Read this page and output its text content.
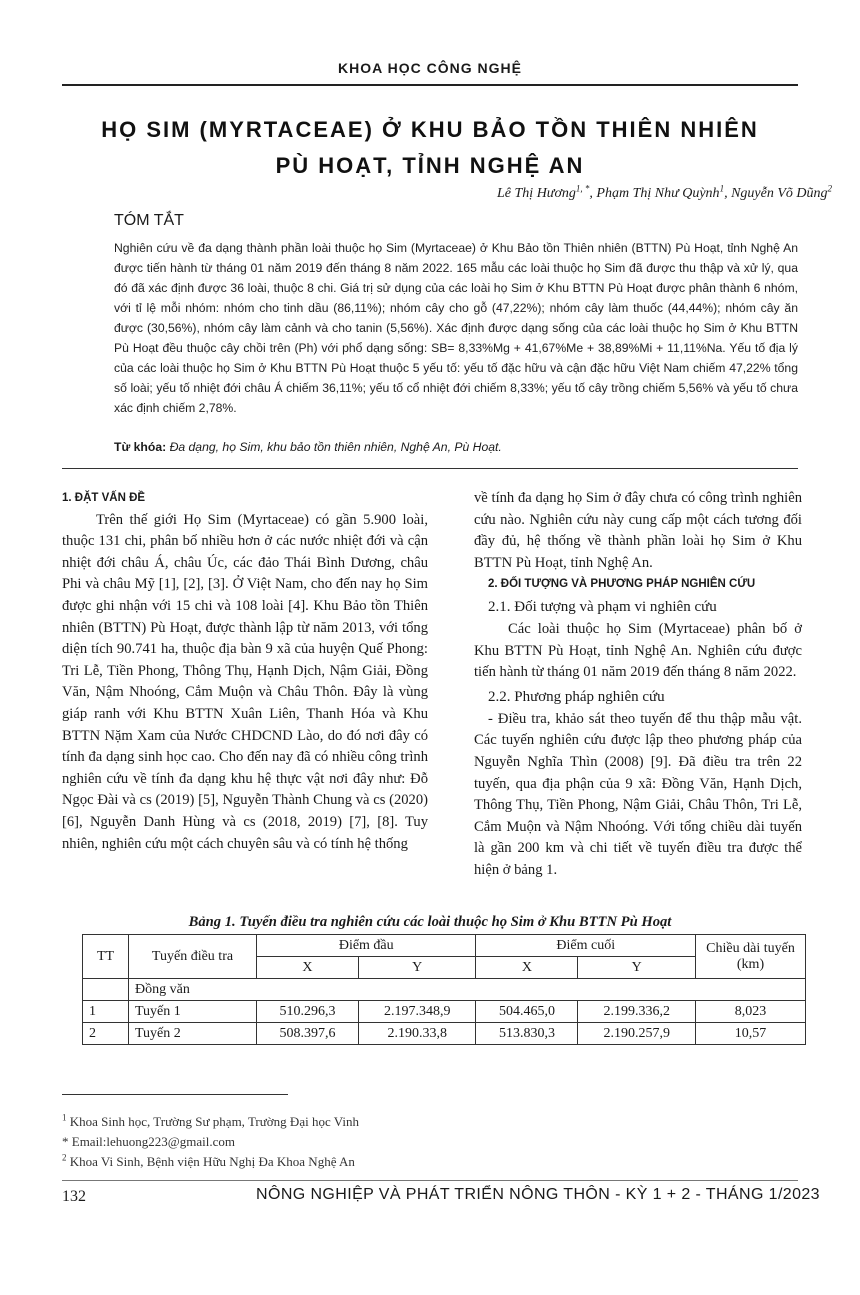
KHOA HỌC CÔNG NGHỆ
HỌ SIM (MYRTACEAE) Ở KHU BẢO TỒN THIÊN NHIÊN
PÙ HOẠT, TỈNH NGHỆ AN
Lê Thị Hương$^{1, *}$, Phạm Thị Như Quỳnh$^1$, Nguyễn Võ Dũng$^2$
TÓM TẮT
Nghiên cứu về đa dạng thành phần loài thuộc họ Sim (Myrtaceae) ở Khu Bảo tồn Thiên nhiên (BTTN) Pù Hoạt, tỉnh Nghệ An được tiến hành từ tháng 01 năm 2019 đến tháng 8 năm 2022. 165 mẫu các loài thuộc họ Sim đã được thu thập và xử lý, qua đó đã xác định được 36 loài, thuộc 8 chi. Giá trị sử dụng của các loài họ Sim ở Khu BTTN Pù Hoạt được phân thành 6 nhóm, với tỉ lệ mỗi nhóm: nhóm cho tinh dầu (86,11%); nhóm cây cho gỗ (47,22%); nhóm cây làm thuốc (44,44%); nhóm cây ăn được (30,56%), nhóm cây làm cảnh và cho tanin (5,56%). Xác định được dạng sống của các loài thuộc họ Sim ở Khu BTTN Pù Hoạt đều thuộc cây chồi trên (Ph) với phổ dạng sống: SB= 8,33%Mg + 41,67%Me + 38,89%Mi + 11,11%Na. Yếu tố địa lý của các loài thuộc họ Sim ở Khu BTTN Pù Hoạt thuộc 5 yếu tố: yếu tố đặc hữu và cận đặc hữu Việt Nam chiếm 47,22% tổng số loài; yếu tố nhiệt đới châu Á chiếm 36,11%; yếu tố cổ nhiệt đới chiếm 8,33%; yếu tố cây trồng chiếm 5,56% và yếu tố chưa xác định chiếm 2,78%.
Từ khóa: Đa dạng, họ Sim, khu bảo tồn thiên nhiên, Nghệ An, Pù Hoạt.
1. ĐẶT VẤN ĐỀ
Trên thế giới Họ Sim (Myrtaceae) có gần 5.900 loài, thuộc 131 chi, phân bố nhiều hơn ở các nước nhiệt đới và cận nhiệt đới châu Á, châu Úc, các đảo Thái Bình Dương, châu Phi và châu Mỹ [1], [2], [3]. Ở Việt Nam, cho đến nay họ Sim được ghi nhận với 15 chi và 108 loài [4]. Khu Bảo tồn Thiên nhiên (BTTN) Pù Hoạt, được thành lập từ năm 2013, với tổng diện tích 90.741 ha, thuộc địa bàn 9 xã của huyện Quế Phong: Tri Lễ, Tiền Phong, Thông Thụ, Hạnh Dịch, Nậm Giải, Đồng Văn, Nậm Nhoóng, Cắm Muộn và Châu Thôn. Đây là vùng giáp ranh với Khu BTTN Xuân Liên, Thanh Hóa và Khu BTTN Nặm Xam của Nước CHDCND Lào, do đó nơi đây có tính đa dạng sinh học cao. Cho đến nay đã có nhiều công trình nghiên cứu về tính đa dạng khu hệ thực vật nơi đây như: Đỗ Ngọc Đài và cs (2019) [5], Nguyễn Thành Chung và cs (2020) [6], Nguyễn Danh Hùng và cs (2018, 2019) [7], [8]. Tuy nhiên, nghiên cứu một cách chuyên sâu và có tính hệ thống
về tính đa dạng họ Sim ở đây chưa có công trình nghiên cứu nào. Nghiên cứu này cung cấp một cách tương đối đầy đủ, hệ thống về thành phần loài họ Sim ở Khu BTTN Pù Hoạt, tỉnh Nghệ An.
2. ĐỐI TƯỢNG VÀ PHƯƠNG PHÁP NGHIÊN CỨU
2.1. Đối tượng và phạm vi nghiên cứu
Các loài thuộc họ Sim (Myrtaceae) phân bố ở Khu BTTN Pù Hoạt, tỉnh Nghệ An. Nghiên cứu được tiến hành từ tháng 01 năm 2019 đến tháng 8 năm 2022.
2.2. Phương pháp nghiên cứu
- Điều tra, khảo sát theo tuyến để thu thập mẫu vật. Các tuyến nghiên cứu được lập theo phương pháp của Nguyễn Nghĩa Thìn (2008) [9]. Đã điều tra trên 22 tuyến, qua địa phận của 9 xã: Đồng Văn, Hạnh Dịch, Thông Thụ, Tiền Phong, Nậm Giải, Châu Thôn, Tri Lễ, Cắm Muộn và Nậm Nhoóng. Với tổng chiều dài tuyến là gần 200 km và chi tiết về tuyến điều tra được thể hiện ở bảng 1.
Bảng 1. Tuyến điều tra nghiên cứu các loài thuộc họ Sim ở Khu BTTN Pù Hoạt
TT	Tuyến điều tra	Điểm đầu		Điểm cuối		Chiều dài tuyến (km)
		X	Y	X	Y	
	Đồng văn					
1	Tuyến 1	510.296,3	2.197.348,9	504.465,0	2.199.336,2	8,023
2	Tuyến 2	508.397,6	2.190.33,8	513.830,3	2.190.257,9	10,57
$^1$ Khoa Sinh học, Trường Sư phạm, Trường Đại học Vinh
* Email:lehuong223@gmail.com
$^2$ Khoa Vi Sinh, Bệnh viện Hữu Nghị Đa Khoa Nghệ An
132	NÔNG NGHIỆP VÀ PHÁT TRIỂN NÔNG THÔN - KỲ 1 + 2 - THÁNG 1/2023
